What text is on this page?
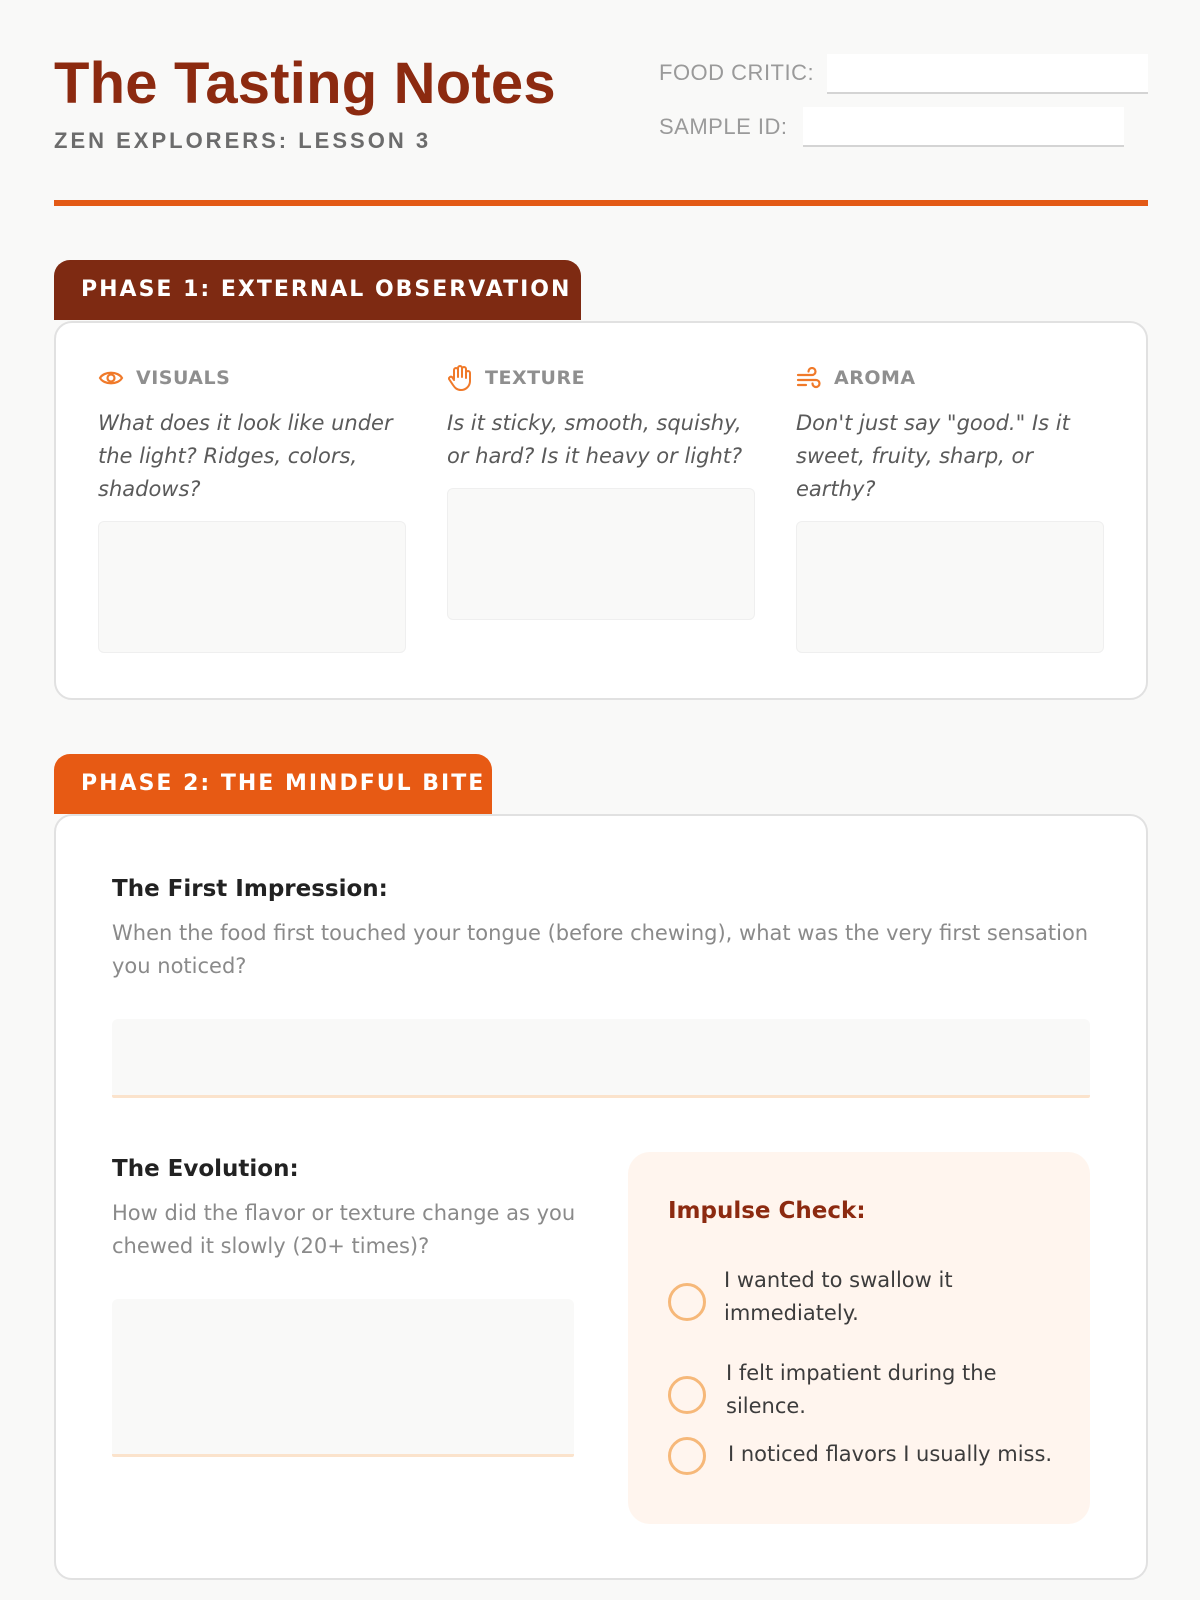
The Tasting Notes
ZEN EXPLORERS: LESSON 3
FOOD CRITIC:
SAMPLE ID:
PHASE 1: EXTERNAL OBSERVATION
VISUALS
What does it look like under the light? Ridges, colors, shadows?
TEXTURE
Is it sticky, smooth, squishy, or hard? Is it heavy or light?
AROMA
Don't just say "good." Is it sweet, fruity, sharp, or earthy?
PHASE 2: THE MINDFUL BITE
The First Impression:
When the food first touched your tongue (before chewing), what was the very first sensation you noticed?
The Evolution:
How did the flavor or texture change as you chewed it slowly (20+ times)?
Impulse Check:
I wanted to swallow it immediately.
I felt impatient during the silence.
I noticed flavors I usually miss.
